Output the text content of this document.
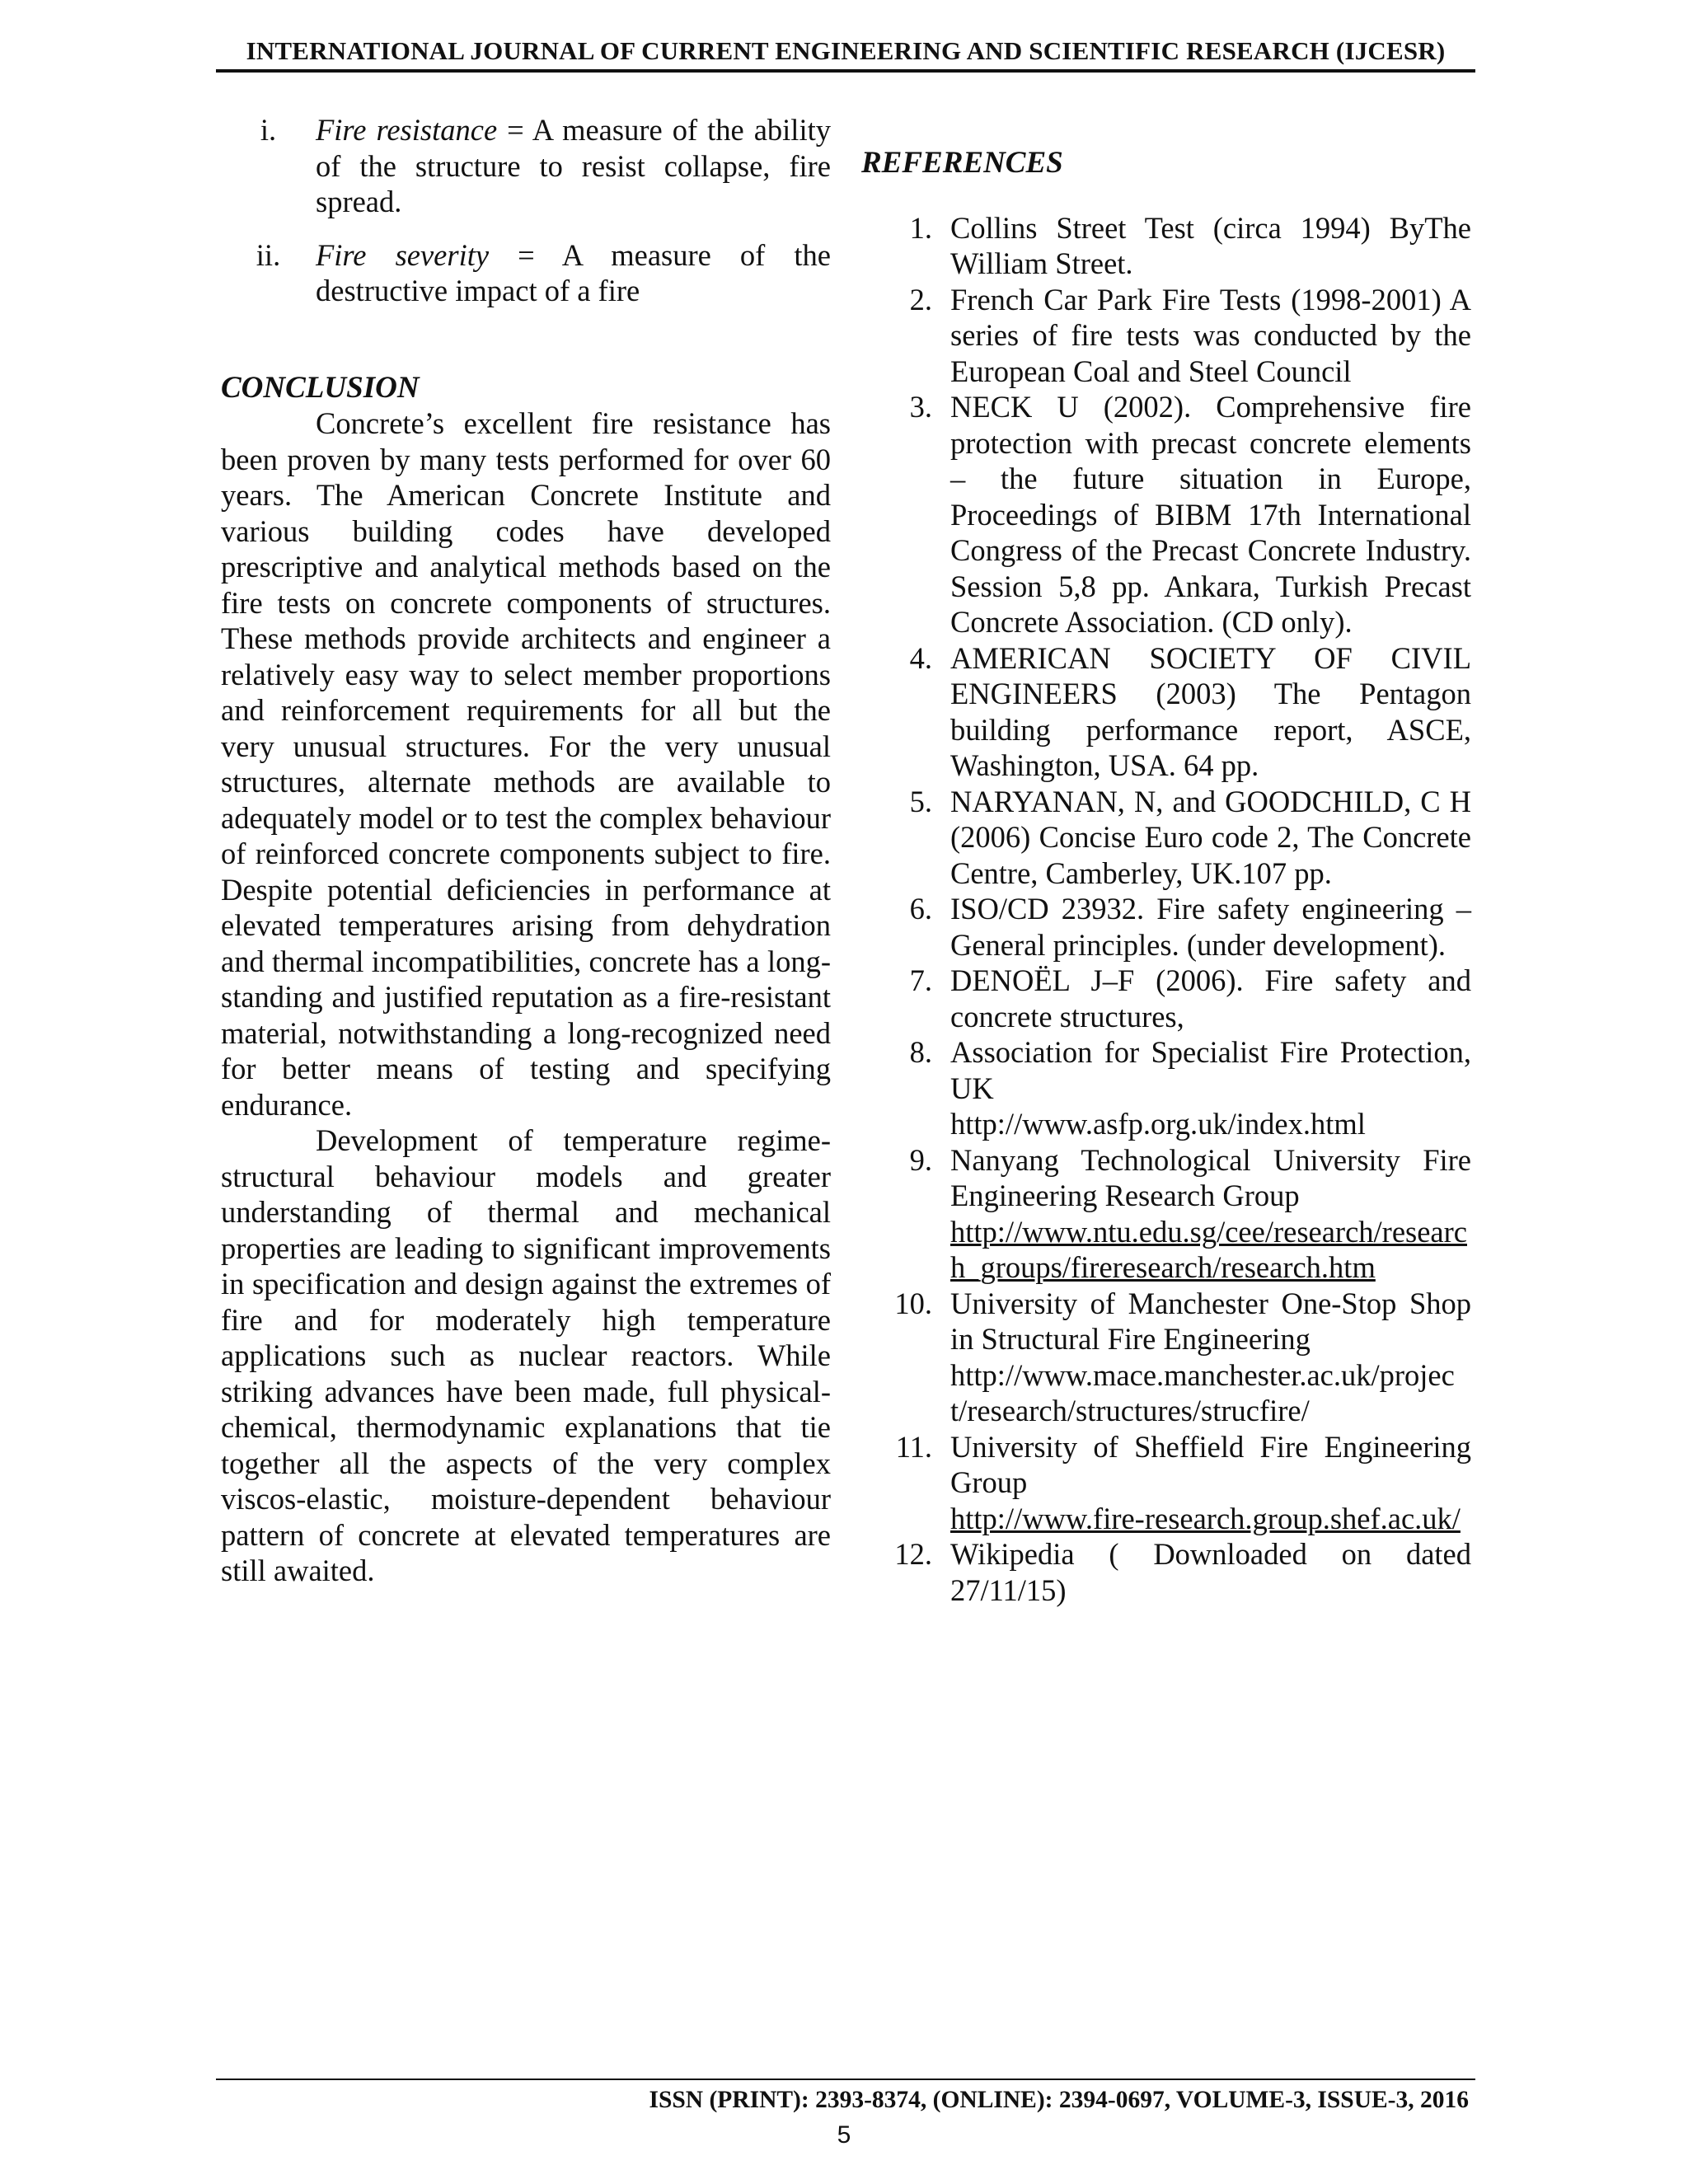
INTERNATIONAL JOURNAL OF CURRENT ENGINEERING AND SCIENTIFIC RESEARCH (IJCESR)
i.	Fire resistance = A measure of the ability of the structure to resist collapse, fire spread.
ii.	Fire severity = A measure of the destructive impact of a fire
CONCLUSION

Concrete’s excellent fire resistance has been proven by many tests performed for over 60 years. The American Concrete Institute and various building codes have developed prescriptive and analytical methods based on the fire tests on concrete components of structures. These methods provide architects and engineer a relatively easy way to select member proportions and reinforcement requirements for all but the very unusual structures. For the very unusual structures, alternate methods are available to adequately model or to test the complex behaviour of reinforced concrete components subject to fire. Despite potential deficiencies in performance at elevated temperatures arising from dehydration and thermal incompatibilities, concrete has a long-standing and justified reputation as a fire-resistant material, notwithstanding a long-recognized need for better means of testing and specifying endurance.

Development of temperature regime-structural behaviour models and greater understanding of thermal and mechanical properties are leading to significant improvements in specification and design against the extremes of fire and for moderately high temperature applications such as nuclear reactors. While striking advances have been made, full physical-chemical, thermodynamic explanations that tie together all the aspects of the very complex viscos-elastic, moisture-dependent behaviour pattern of concrete at elevated temperatures are still awaited.

REFERENCES
1. Collins Street Test (circa 1994) ByThe William Street.
2. French Car Park Fire Tests (1998-2001) A series of fire tests was conducted by the European Coal and Steel Council
3. NECK U (2002). Comprehensive fire protection with precast concrete elements – the future situation in Europe, Proceedings of BIBM 17th International Congress of the Precast Concrete Industry. Session 5,8 pp. Ankara, Turkish Precast Concrete Association. (CD only).
4. AMERICAN SOCIETY OF CIVIL ENGINEERS (2003) The Pentagon building performance report, ASCE, Washington, USA. 64 pp.
5. NARYANAN, N, and GOODCHILD, C H (2006) Concise Euro code 2, The Concrete Centre, Camberley, UK.107 pp.
6. ISO/CD 23932. Fire safety engineering – General principles. (under development).
7. DENOËL J–F (2006). Fire safety and concrete structures,
8. Association for Specialist Fire Protection, UK
http://www.asfp.org.uk/index.html
9. Nanyang Technological University Fire Engineering Research Group
http://www.ntu.edu.sg/cee/research/research_groups/fireresearch/research.htm
10. University of Manchester One-Stop Shop in Structural Fire Engineering
http://www.mace.manchester.ac.uk/project/research/structures/strucfire/
11. University of Sheffield Fire Engineering Group
http://www.fire-research.group.shef.ac.uk/
12. Wikipedia ( Downloaded on dated 27/11/15)
ISSN (PRINT): 2393-8374, (ONLINE): 2394-0697, VOLUME-3, ISSUE-3, 2016
5
